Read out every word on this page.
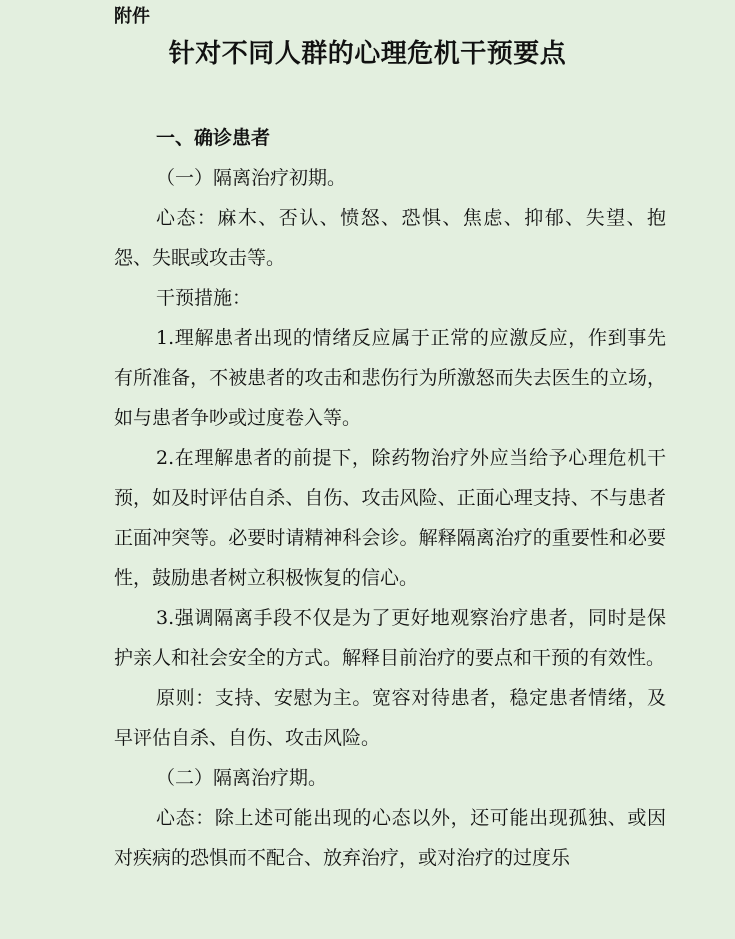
附件
针对不同人群的心理危机干预要点

一、确诊患者

（一）隔离治疗初期。

心态：麻木、否认、愤怒、恐惧、焦虑、抑郁、失望、抱怨、失眠或攻击等。

干预措施：

1.理解患者出现的情绪反应属于正常的应激反应，作到事先有所准备，不被患者的攻击和悲伤行为所激怒而失去医生的立场，如与患者争吵或过度卷入等。

2.在理解患者的前提下，除药物治疗外应当给予心理危机干预，如及时评估自杀、自伤、攻击风险、正面心理支持、不与患者正面冲突等。必要时请精神科会诊。解释隔离治疗的重要性和必要性，鼓励患者树立积极恢复的信心。

3.强调隔离手段不仅是为了更好地观察治疗患者，同时是保护亲人和社会安全的方式。解释目前治疗的要点和干预的有效性。

原则：支持、安慰为主。宽容对待患者，稳定患者情绪，及早评估自杀、自伤、攻击风险。

（二）隔离治疗期。

心态：除上述可能出现的心态以外，还可能出现孤独、或因对疾病的恐惧而不配合、放弃治疗，或对治疗的过度乐
